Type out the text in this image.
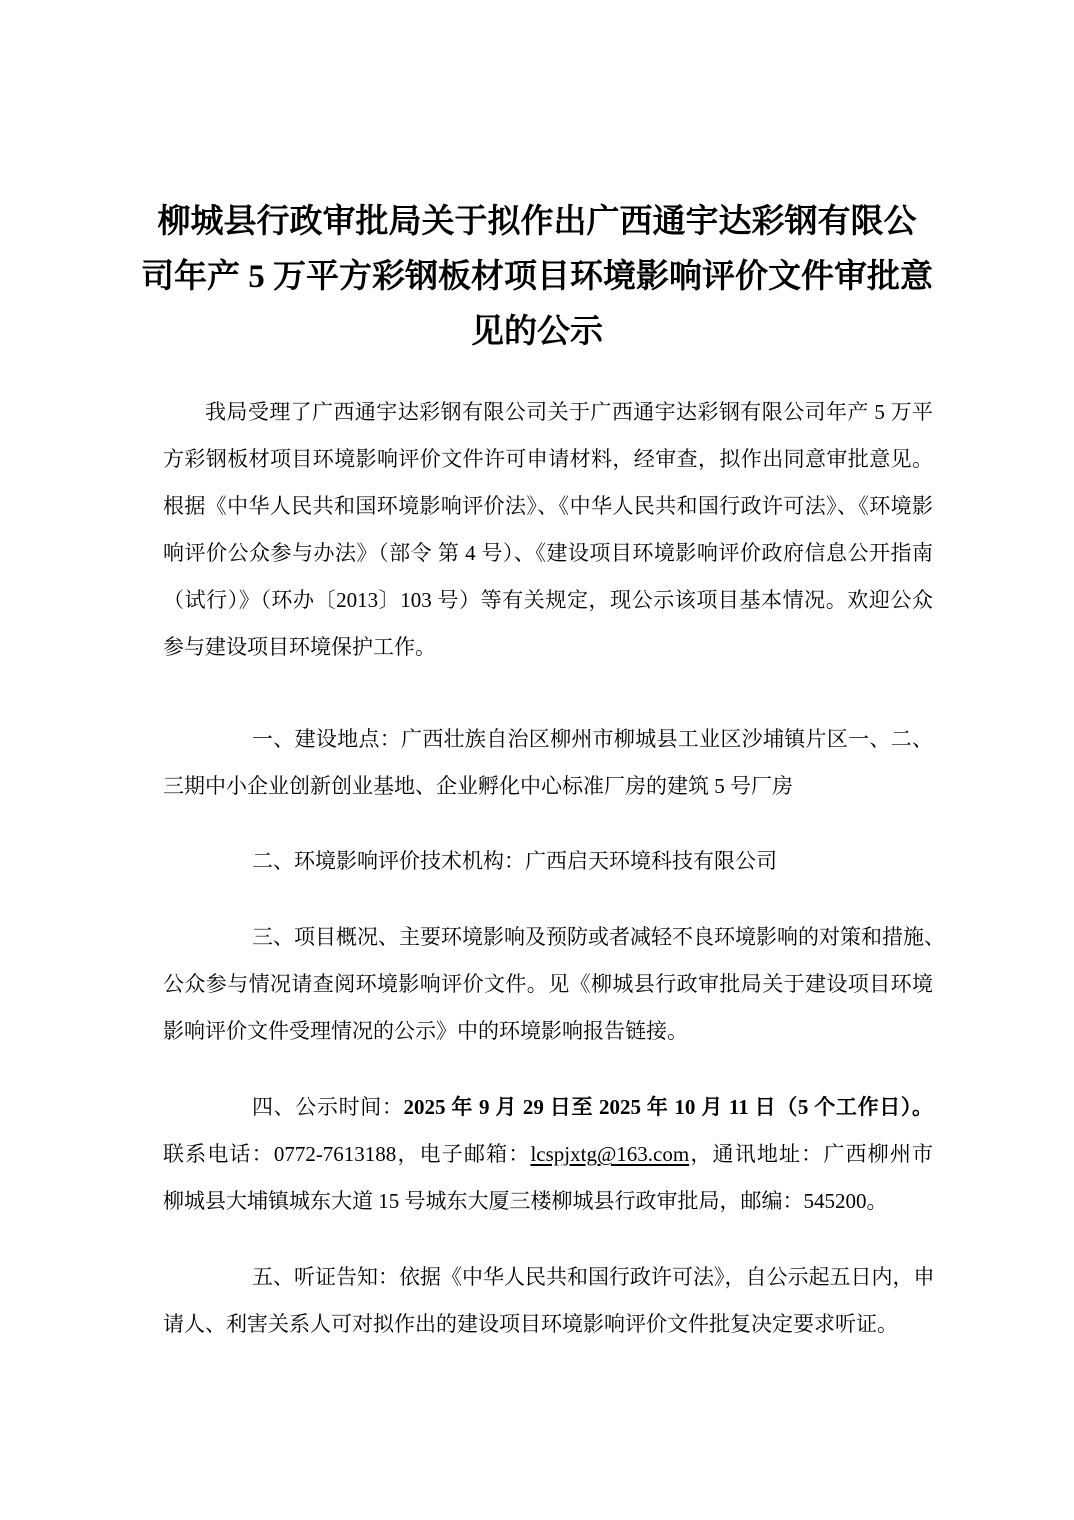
柳城县行政审批局关于拟作出广西通宇达彩钢有限公
司年产 5 万平方彩钢板材项目环境影响评价文件审批意
见的公示
我局受理了广西通宇达彩钢有限公司关于广西通宇达彩钢有限公司年产 5 万平
方彩钢板材项目环境影响评价文件许可申请材料，经审查，拟作出同意审批意见。
根据《中华人民共和国环境影响评价法》、《中华人民共和国行政许可法》、《环境影
响评价公众参与办法》（部令 第 4 号）、《建设项目环境影响评价政府信息公开指南
（试行）》（环办〔2013〕103 号）等有关规定，现公示该项目基本情况。欢迎公众
参与建设项目环境保护工作。
一、建设地点：广西壮族自治区柳州市柳城县工业区沙埔镇片区一、二、
三期中小企业创新创业基地、企业孵化中心标准厂房的建筑 5 号厂房
二、环境影响评价技术机构：广西启天环境科技有限公司
三、项目概况、主要环境影响及预防或者减轻不良环境影响的对策和措施、
公众参与情况请查阅环境影响评价文件。见《柳城县行政审批局关于建设项目环境
影响评价文件受理情况的公示》中的环境影响报告链接。
四、公示时间：2025 年 9 月 29 日至 2025 年 10 月 11 日（5 个工作日）。
联系电话：0772-7613188，电子邮箱：lcspjxtg@163.com，通讯地址：广西柳州市
柳城县大埔镇城东大道 15 号城东大厦三楼柳城县行政审批局，邮编：545200。
五、听证告知：依据《中华人民共和国行政许可法》，自公示起五日内，申
请人、利害关系人可对拟作出的建设项目环境影响评价文件批复决定要求听证。
